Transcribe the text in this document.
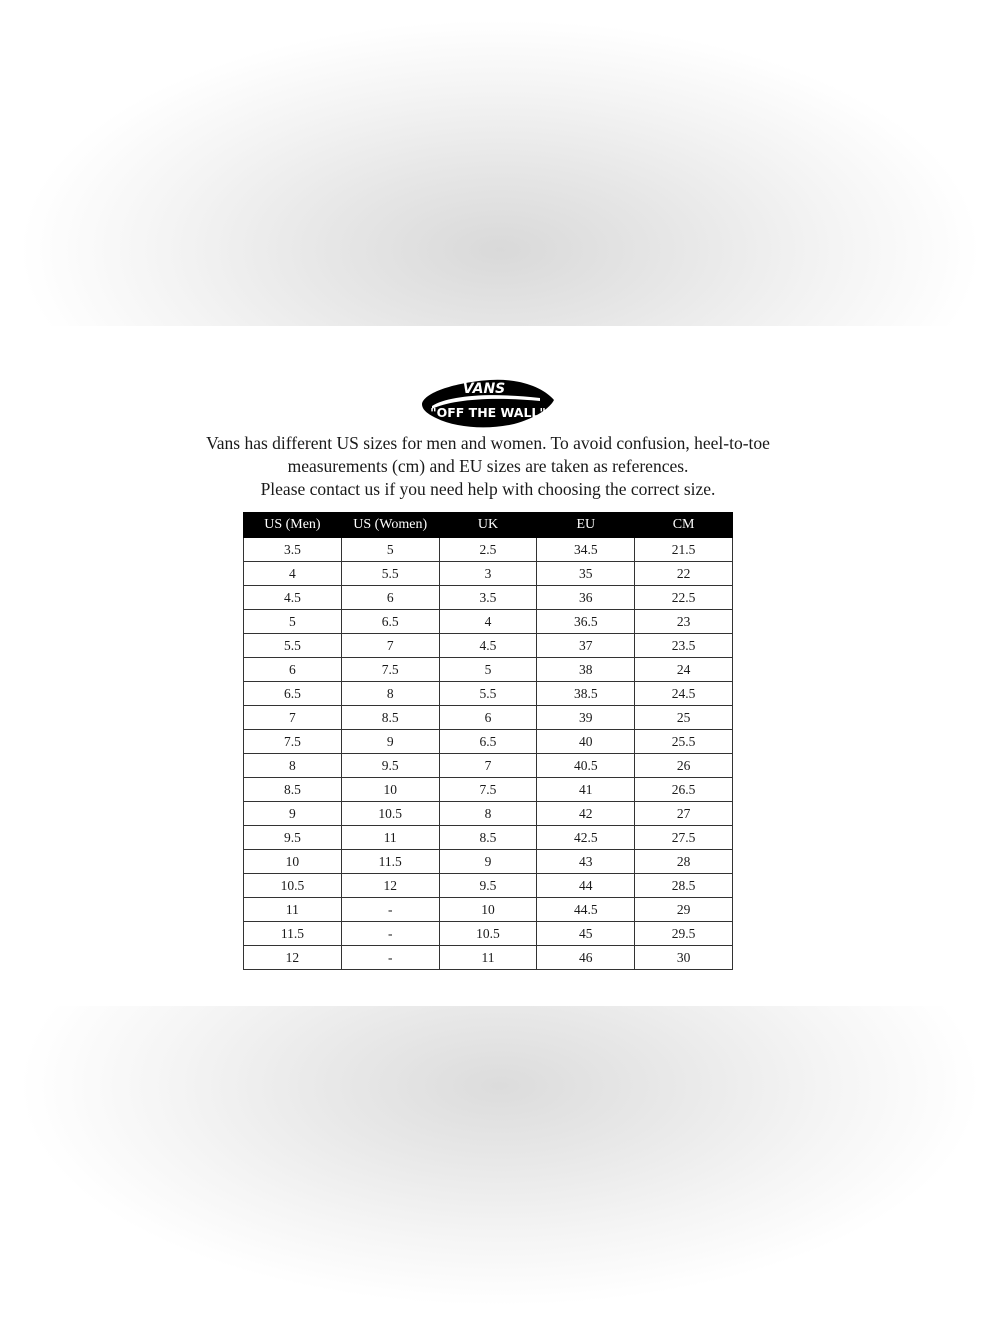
VANS
"OFF THE WALL"

Vans has different US sizes for men and women. To avoid confusion, heel-to-toe

measurements (cm) and EU sizes are taken as references.

Please contact us if you need help with choosing the correct size.

US (Men)	US (Women)	UK	EU	CM
3.5	5	2.5	34.5	21.5
4	5.5	3	35	22
4.5	6	3.5	36	22.5
5	6.5	4	36.5	23
5.5	7	4.5	37	23.5
6	7.5	5	38	24
6.5	8	5.5	38.5	24.5
7	8.5	6	39	25
7.5	9	6.5	40	25.5
8	9.5	7	40.5	26
8.5	10	7.5	41	26.5
9	10.5	8	42	27
9.5	11	8.5	42.5	27.5
10	11.5	9	43	28
10.5	12	9.5	44	28.5
11	-	10	44.5	29
11.5	-	10.5	45	29.5
12	-	11	46	30
